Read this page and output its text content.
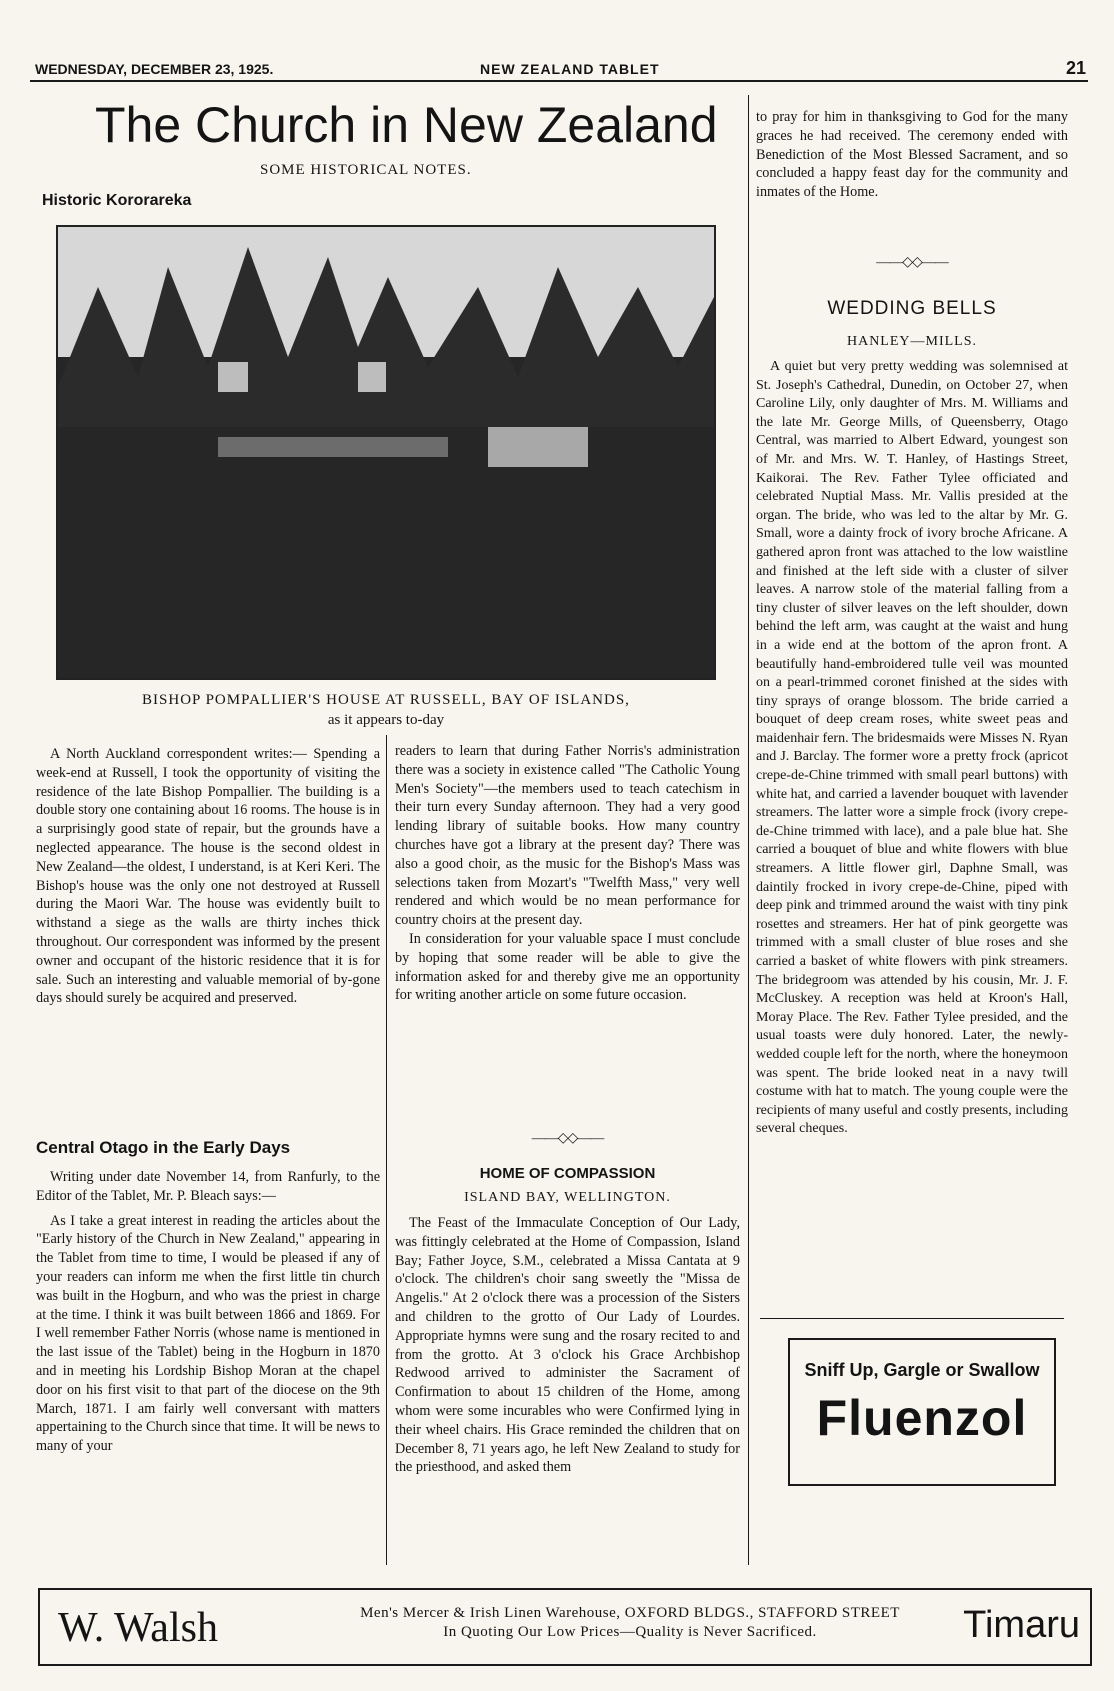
WEDNESDAY, DECEMBER 23, 1925.	NEW ZEALAND TABLET	21
The Church in New Zealand
SOME HISTORICAL NOTES.
Historic Kororareka
BISHOP POMPALLIER'S HOUSE AT RUSSELL, BAY OF ISLANDS,
as it appears to-day

A North Auckland correspondent writes:— Spending a week-end at Russell, I took the opportunity of visiting the residence of the late Bishop Pompallier. The building is a double story one containing about 16 rooms. The house is in a surprisingly good state of repair, but the grounds have a neglected appearance. The house is the second oldest in New Zealand—the oldest, I understand, is at Keri Keri. The Bishop's house was the only one not destroyed at Russell during the Maori War. The house was evidently built to withstand a siege as the walls are thirty inches thick throughout. Our correspondent was informed by the present owner and occupant of the historic residence that it is for sale. Such an interesting and valuable memorial of by-gone days should surely be acquired and preserved.

Central Otago in the Early Days

Writing under date November 14, from Ranfurly, to the Editor of the Tablet, Mr. P. Bleach says:—

As I take a great interest in reading the articles about the "Early history of the Church in New Zealand," appearing in the Tablet from time to time, I would be pleased if any of your readers can inform me when the first little tin church was built in the Hogburn, and who was the priest in charge at the time. I think it was built between 1866 and 1869. For I well remember Father Norris (whose name is mentioned in the last issue of the Tablet) being in the Hogburn in 1870 and in meeting his Lordship Bishop Moran at the chapel door on his first visit to that part of the diocese on the 9th March, 1871. I am fairly well conversant with matters appertaining to the Church since that time. It will be news to many of your

readers to learn that during Father Norris's administration there was a society in existence called "The Catholic Young Men's Society"—the members used to teach catechism in their turn every Sunday afternoon. They had a very good lending library of suitable books. How many country churches have got a library at the present day? There was also a good choir, as the music for the Bishop's Mass was selections taken from Mozart's "Twelfth Mass," very well rendered and which would be no mean performance for country choirs at the present day.

In consideration for your valuable space I must conclude by hoping that some reader will be able to give the information asked for and thereby give me an opportunity for writing another article on some future occasion.

——◇◇——
HOME OF COMPASSION
ISLAND BAY, WELLINGTON.

The Feast of the Immaculate Conception of Our Lady, was fittingly celebrated at the Home of Compassion, Island Bay; Father Joyce, S.M., celebrated a Missa Cantata at 9 o'clock. The children's choir sang sweetly the "Missa de Angelis." At 2 o'clock there was a procession of the Sisters and children to the grotto of Our Lady of Lourdes. Appropriate hymns were sung and the rosary recited to and from the grotto. At 3 o'clock his Grace Archbishop Redwood arrived to administer the Sacrament of Confirmation to about 15 children of the Home, among whom were some incurables who were Confirmed lying in their wheel chairs. His Grace reminded the children that on December 8, 71 years ago, he left New Zealand to study for the priesthood, and asked them

to pray for him in thanksgiving to God for the many graces he had received. The ceremony ended with Benediction of the Most Blessed Sacrament, and so concluded a happy feast day for the community and inmates of the Home.

——◇◇——
WEDDING BELLS
HANLEY—MILLS.

A quiet but very pretty wedding was solemnised at St. Joseph's Cathedral, Dunedin, on October 27, when Caroline Lily, only daughter of Mrs. M. Williams and the late Mr. George Mills, of Queensberry, Otago Central, was married to Albert Edward, youngest son of Mr. and Mrs. W. T. Hanley, of Hastings Street, Kaikorai. The Rev. Father Tylee officiated and celebrated Nuptial Mass. Mr. Vallis presided at the organ. The bride, who was led to the altar by Mr. G. Small, wore a dainty frock of ivory broche Africane. A gathered apron front was attached to the low waistline and finished at the left side with a cluster of silver leaves. A narrow stole of the material falling from a tiny cluster of silver leaves on the left shoulder, down behind the left arm, was caught at the waist and hung in a wide end at the bottom of the apron front. A beautifully hand-embroidered tulle veil was mounted on a pearl-trimmed coronet finished at the sides with tiny sprays of orange blossom. The bride carried a bouquet of deep cream roses, white sweet peas and maidenhair fern. The bridesmaids were Misses N. Ryan and J. Barclay. The former wore a pretty frock (apricot crepe-de-Chine trimmed with small pearl buttons) with white hat, and carried a lavender bouquet with lavender streamers. The latter wore a simple frock (ivory crepe-de-Chine trimmed with lace), and a pale blue hat. She carried a bouquet of blue and white flowers with blue streamers. A little flower girl, Daphne Small, was daintily frocked in ivory crepe-de-Chine, piped with deep pink and trimmed around the waist with tiny pink rosettes and streamers. Her hat of pink georgette was trimmed with a small cluster of blue roses and she carried a basket of white flowers with pink streamers. The bridegroom was attended by his cousin, Mr. J. F. McCluskey. A reception was held at Kroon's Hall, Moray Place. The Rev. Father Tylee presided, and the usual toasts were duly honored. Later, the newly-wedded couple left for the north, where the honeymoon was spent. The bride looked neat in a navy twill costume with hat to match. The young couple were the recipients of many useful and costly presents, including several cheques.

Sniff Up, Gargle or Swallow
Fluenzol
W. Walsh	Men's Mercer & Irish Linen Warehouse, OXFORD BLDGS., STAFFORD STREET
In Quoting Our Low Prices—Quality is Never Sacrificed.	Timaru
